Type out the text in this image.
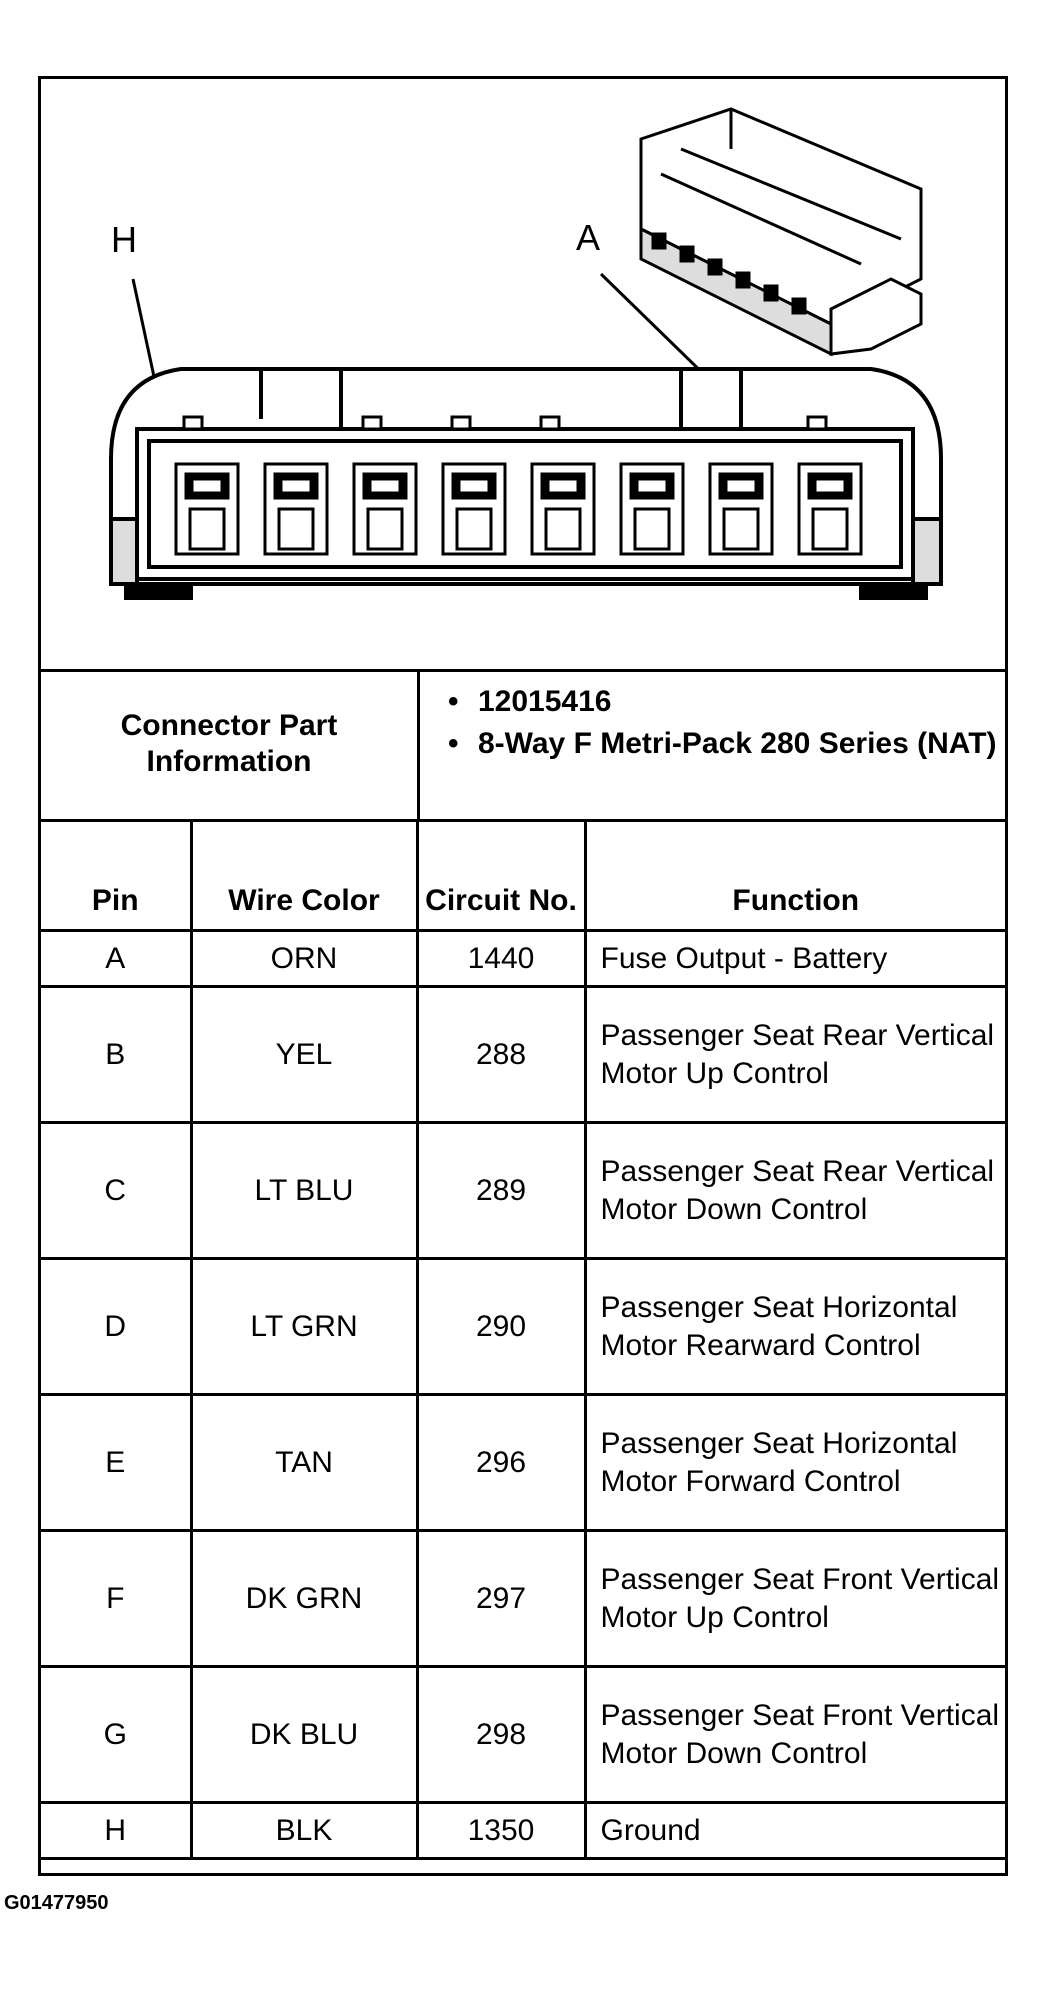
H	A
Connector Part Information	
• 12015416
• 8-Way F Metri-Pack 280 Series (NAT)
Pin	Wire Color	Circuit No.	Function
A	ORN	1440	Fuse Output - Battery
B	YEL	288	Passenger Seat Rear Vertical Motor Up Control
C	LT BLU	289	Passenger Seat Rear Vertical Motor Down Control
D	LT GRN	290	Passenger Seat Horizontal Motor Rearward Control
E	TAN	296	Passenger Seat Horizontal Motor Forward Control
F	DK GRN	297	Passenger Seat Front Vertical Motor Up Control
G	DK BLU	298	Passenger Seat Front Vertical Motor Down Control
H	BLK	1350	Ground
G01477950
